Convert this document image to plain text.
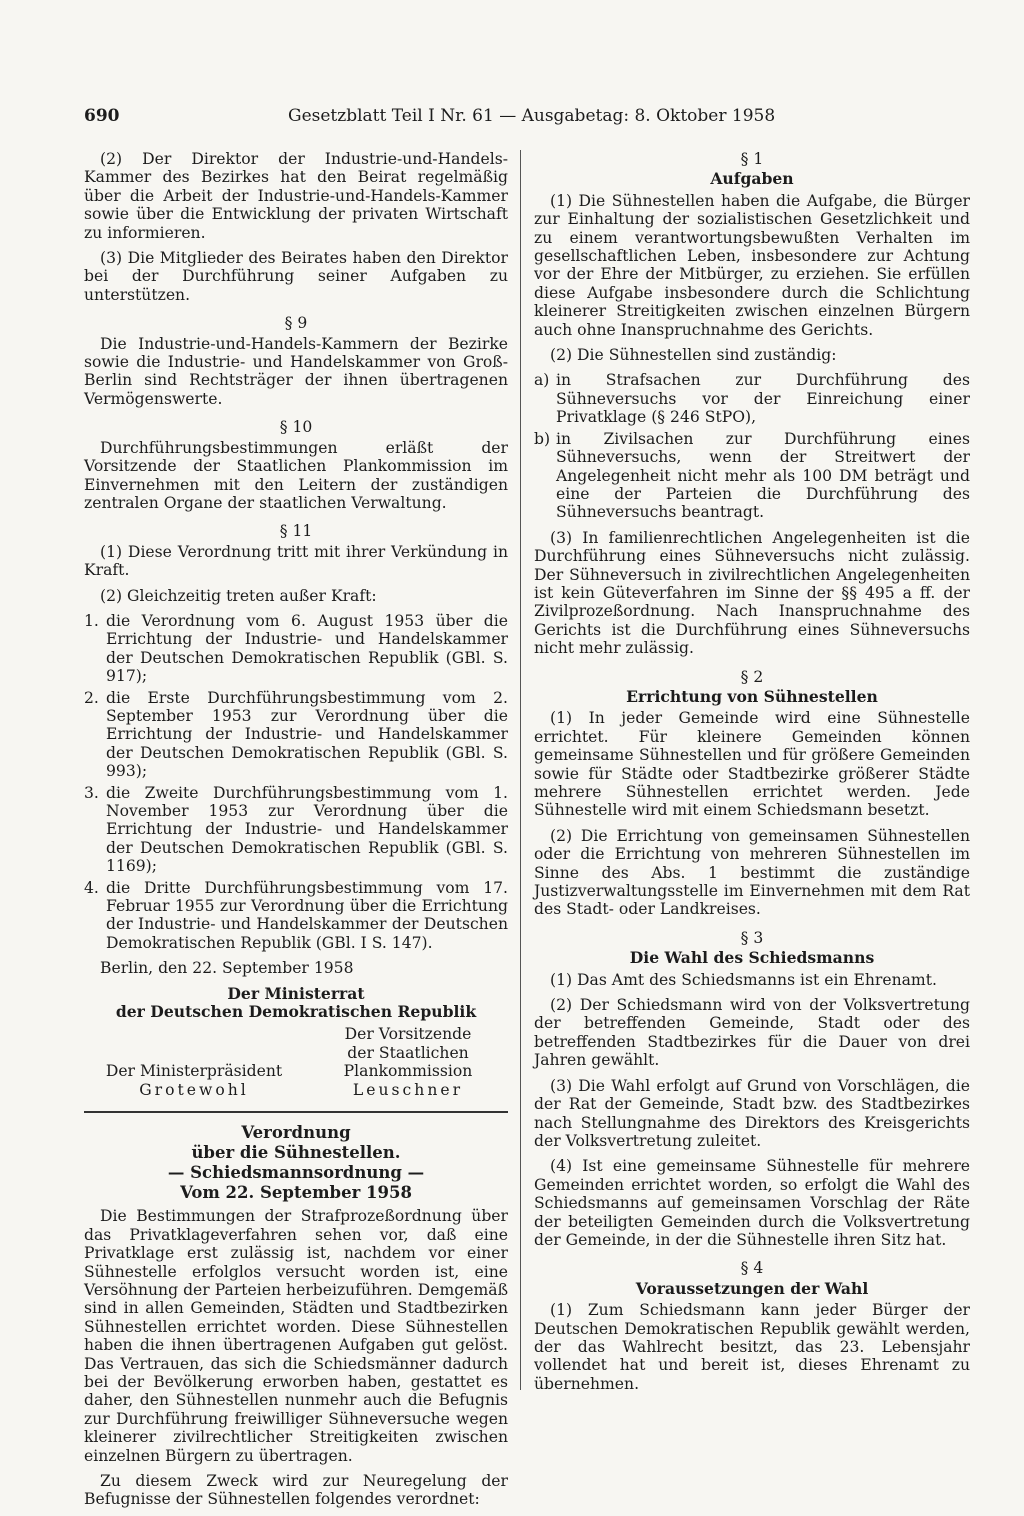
690	Gesetzblatt Teil I Nr. 61 — Ausgabetag: 8. Oktober 1958

(2) Der Direktor der Industrie-und-Handels-Kammer des Bezirkes hat den Beirat regelmäßig über die Arbeit der Industrie-und-Handels-Kammer sowie über die Entwicklung der privaten Wirtschaft zu informieren.

(3) Die Mitglieder des Beirates haben den Direktor bei der Durchführung seiner Aufgaben zu unterstützen.

§ 9

Die Industrie-und-Handels-Kammern der Bezirke sowie die Industrie- und Handelskammer von Groß-Berlin sind Rechtsträger der ihnen übertragenen Vermögenswerte.

§ 10

Durchführungsbestimmungen erläßt der Vorsitzende der Staatlichen Plankommission im Einvernehmen mit den Leitern der zuständigen zentralen Organe der staatlichen Verwaltung.

§ 11

(1) Diese Verordnung tritt mit ihrer Verkündung in Kraft.

(2) Gleichzeitig treten außer Kraft:

1. die Verordnung vom 6. August 1953 über die Errichtung der Industrie- und Handelskammer der Deutschen Demokratischen Republik (GBl. S. 917);
2. die Erste Durchführungsbestimmung vom 2. September 1953 zur Verordnung über die Errichtung der Industrie- und Handelskammer der Deutschen Demokratischen Republik (GBl. S. 993);
3. die Zweite Durchführungsbestimmung vom 1. November 1953 zur Verordnung über die Errichtung der Industrie- und Handelskammer der Deutschen Demokratischen Republik (GBl. S. 1169);
4. die Dritte Durchführungsbestimmung vom 17. Februar 1955 zur Verordnung über die Errichtung der Industrie- und Handelskammer der Deutschen Demokratischen Republik (GBl. I S. 147).

Berlin, den 22. September 1958

Der Ministerrat
der Deutschen Demokratischen Republik
Der Ministerpräsident
Grotewohl
Der Vorsitzende
der Staatlichen
Plankommission
Leuschner
Verordnung
über die Sühnestellen.
— Schiedsmannsordnung —
Vom 22. September 1958

Die Bestimmungen der Strafprozeßordnung über das Privatklageverfahren sehen vor, daß eine Privatklage erst zulässig ist, nachdem vor einer Sühnestelle erfolglos versucht worden ist, eine Versöhnung der Parteien herbeizuführen. Demgemäß sind in allen Gemeinden, Städten und Stadtbezirken Sühnestellen errichtet worden. Diese Sühnestellen haben die ihnen übertragenen Aufgaben gut gelöst. Das Vertrauen, das sich die Schiedsmänner dadurch bei der Bevölkerung erworben haben, gestattet es daher, den Sühnestellen nunmehr auch die Befugnis zur Durchführung freiwilliger Sühneversuche wegen kleinerer zivilrechtlicher Streitigkeiten zwischen einzelnen Bürgern zu übertragen.

Zu diesem Zweck wird zur Neuregelung der Befugnisse der Sühnestellen folgendes verordnet:

§ 1
Aufgaben

(1) Die Sühnestellen haben die Aufgabe, die Bürger zur Einhaltung der sozialistischen Gesetzlichkeit und zu einem verantwortungsbewußten Verhalten im gesellschaftlichen Leben, insbesondere zur Achtung vor der Ehre der Mitbürger, zu erziehen. Sie erfüllen diese Aufgabe insbesondere durch die Schlichtung kleinerer Streitigkeiten zwischen einzelnen Bürgern auch ohne Inanspruchnahme des Gerichts.

(2) Die Sühnestellen sind zuständig:

a) in Strafsachen zur Durchführung des Sühneversuchs vor der Einreichung einer Privatklage (§ 246 StPO),
b) in Zivilsachen zur Durchführung eines Sühneversuchs, wenn der Streitwert der Angelegenheit nicht mehr als 100 DM beträgt und eine der Parteien die Durchführung des Sühneversuchs beantragt.

(3) In familienrechtlichen Angelegenheiten ist die Durchführung eines Sühneversuchs nicht zulässig. Der Sühneversuch in zivilrechtlichen Angelegenheiten ist kein Güteverfahren im Sinne der §§ 495 a ff. der Zivilprozeßordnung. Nach Inanspruchnahme des Gerichts ist die Durchführung eines Sühneversuchs nicht mehr zulässig.

§ 2
Errichtung von Sühnestellen

(1) In jeder Gemeinde wird eine Sühnestelle errichtet. Für kleinere Gemeinden können gemeinsame Sühnestellen und für größere Gemeinden sowie für Städte oder Stadtbezirke größerer Städte mehrere Sühnestellen errichtet werden. Jede Sühnestelle wird mit einem Schiedsmann besetzt.

(2) Die Errichtung von gemeinsamen Sühnestellen oder die Errichtung von mehreren Sühnestellen im Sinne des Abs. 1 bestimmt die zuständige Justizverwaltungsstelle im Einvernehmen mit dem Rat des Stadt- oder Landkreises.

§ 3
Die Wahl des Schiedsmanns

(1) Das Amt des Schiedsmanns ist ein Ehrenamt.

(2) Der Schiedsmann wird von der Volksvertretung der betreffenden Gemeinde, Stadt oder des betreffenden Stadtbezirkes für die Dauer von drei Jahren gewählt.

(3) Die Wahl erfolgt auf Grund von Vorschlägen, die der Rat der Gemeinde, Stadt bzw. des Stadtbezirkes nach Stellungnahme des Direktors des Kreisgerichts der Volksvertretung zuleitet.

(4) Ist eine gemeinsame Sühnestelle für mehrere Gemeinden errichtet worden, so erfolgt die Wahl des Schiedsmanns auf gemeinsamen Vorschlag der Räte der beteiligten Gemeinden durch die Volksvertretung der Gemeinde, in der die Sühnestelle ihren Sitz hat.

§ 4
Voraussetzungen der Wahl

(1) Zum Schiedsmann kann jeder Bürger der Deutschen Demokratischen Republik gewählt werden, der das Wahlrecht besitzt, das 23. Lebensjahr vollendet hat und bereit ist, dieses Ehrenamt zu übernehmen.
